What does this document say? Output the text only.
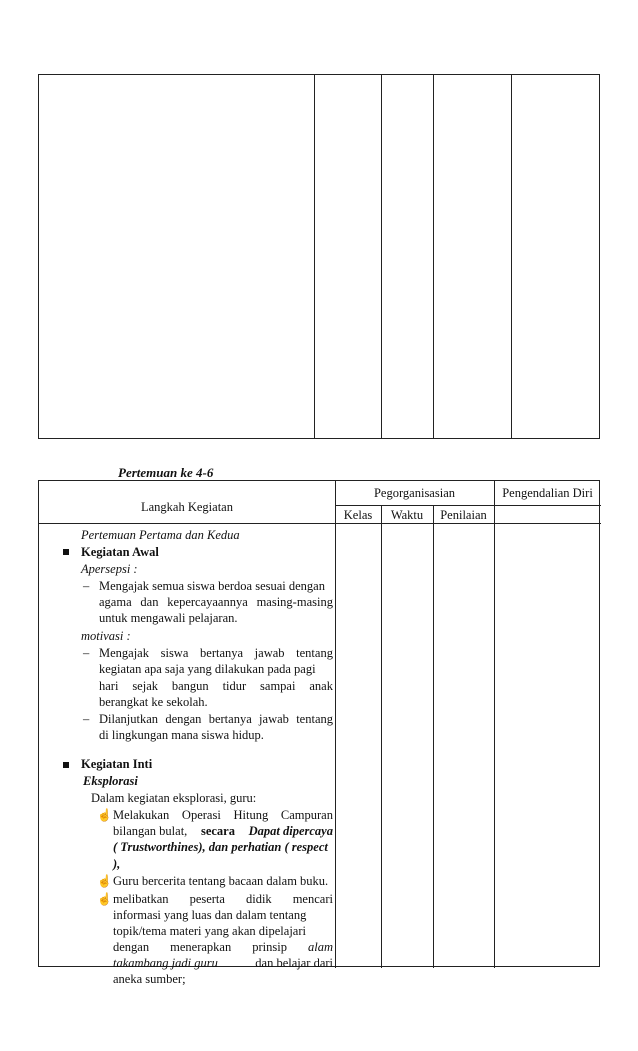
Pertemuan ke 4-6
Langkah Kegiatan
Pegorganisasian	Pengendalian Diri
Kelas	Waktu	Penilaian
Pertemuan Pertama dan Kedua
Kegiatan Awal
Apersepsi :
– Mengajak semua siswa berdoa sesuai dengan
agama dan kepercayaannya masing-masing
untuk mengawali pelajaran.
motivasi :
– Mengajak siswa bertanya jawab tentang
kegiatan apa saja yang dilakukan pada pagi
hari sejak bangun tidur sampai anak
berangkat ke sekolah.
– Dilanjutkan dengan bertanya jawab tentang
di lingkungan mana siswa hidup.
Kegiatan Inti
Eksplorasi
Dalam kegiatan eksplorasi, guru:
☝ Melakukan Operasi Hitung Campuran
bilangan bulat, secara Dapat dipercaya
( Trustworthines), dan perhatian ( respect
),
☝ Guru bercerita tentang bacaan dalam buku.
☝ melibatkan peserta didik mencari
informasi yang luas dan dalam tentang
topik/tema materi yang akan dipelajari
dengan menerapkan prinsip alam
takambang jadi guru	dan belajar dari
aneka sumber;
